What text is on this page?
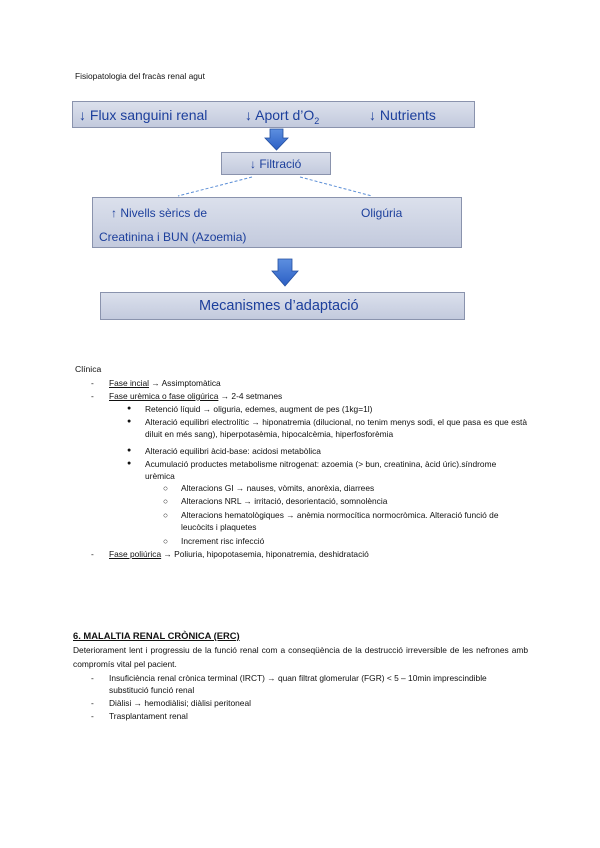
Fisiopatologia del fracàs renal agut
↓ Flux sanguini renal	↓ Aport $d’O_2$	↓ Nutrients
↓ Filtració
↑ Nivells sèrics de
Creatinina i BUN (Azoemia)
Oligúria
Mecanismes d’adaptació
Clínica
- Fase incial → Assimptomàtica
- Fase urèmica o fase oligúrica → 2-4 setmanes
● Retenció líquid → oliguria, edemes, augment de pes (1kg=1l)
● Alteració equilibri electrolític → hiponatremia (dilucional, no tenim menys sodi, el que pasa es que està diluit en més sang), hiperpotasèmia, hipocalcèmia, hiperfosforèmia
● Alteració equilibri àcid-base: acidosi metabòlica
● Acumulació productes metabolisme nitrogenat: azoemia (> bun, creatinina, àcid úric).síndrome urèmica
○ Alteracions GI → nauses, vòmits, anorèxia, diarrees
○ Alteracions NRL → irritació, desorientació, somnolència
○ Alteracions hematològiques → anèmia normocítica normocròmica. Alteració funció de leucòcits i plaquetes
○ Increment risc infecció
- Fase poliúrica → Poliuria, hipopotasemia, hiponatremia, deshidratació
6. MALALTIA RENAL CRÒNICA (ERC)
Deteriorament lent i progressiu de la funció renal com a conseqüència de la destrucció irreversible de les nefrones amb compromís vital pel pacient.
- Insuficiència renal crònica terminal (IRCT) → quan filtrat glomerular (FGR) < 5 – 10min imprescindible substitució funció renal
- Diàlisi → hemodiàlisi; diàlisi peritoneal
- Trasplantament renal
